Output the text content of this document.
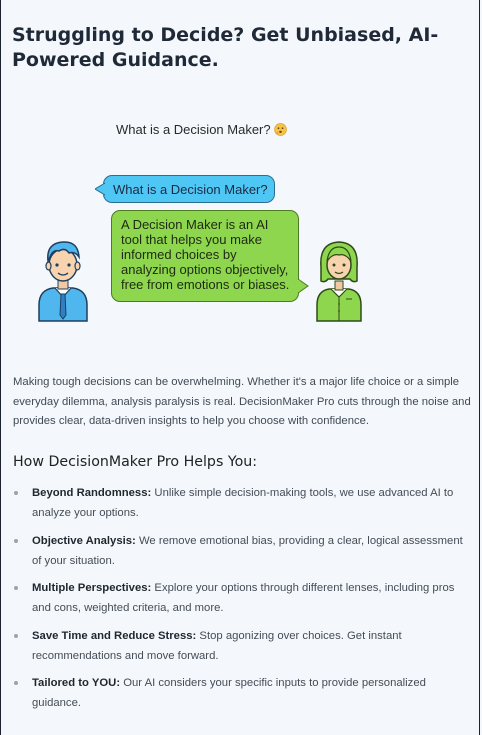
Struggling to Decide? Get Unbiased, AI-Powered Guidance.
What is a Decision Maker?
What is a Decision Maker?
A Decision Maker is an AI tool that helps you make informed choices by analyzing options objectively, free from emotions or biases.

Making tough decisions can be overwhelming. Whether it's a major life choice or a simple everyday dilemma, analysis paralysis is real. DecisionMaker Pro cuts through the noise and provides clear, data-driven insights to help you choose with confidence.

How DecisionMaker Pro Helps You:
Beyond Randomness: Unlike simple decision-making tools, we use advanced AI to analyze your options.
Objective Analysis: We remove emotional bias, providing a clear, logical assessment of your situation.
Multiple Perspectives: Explore your options through different lenses, including pros and cons, weighted criteria, and more.
Save Time and Reduce Stress: Stop agonizing over choices. Get instant recommendations and move forward.
Tailored to YOU: Our AI considers your specific inputs to provide personalized guidance.
